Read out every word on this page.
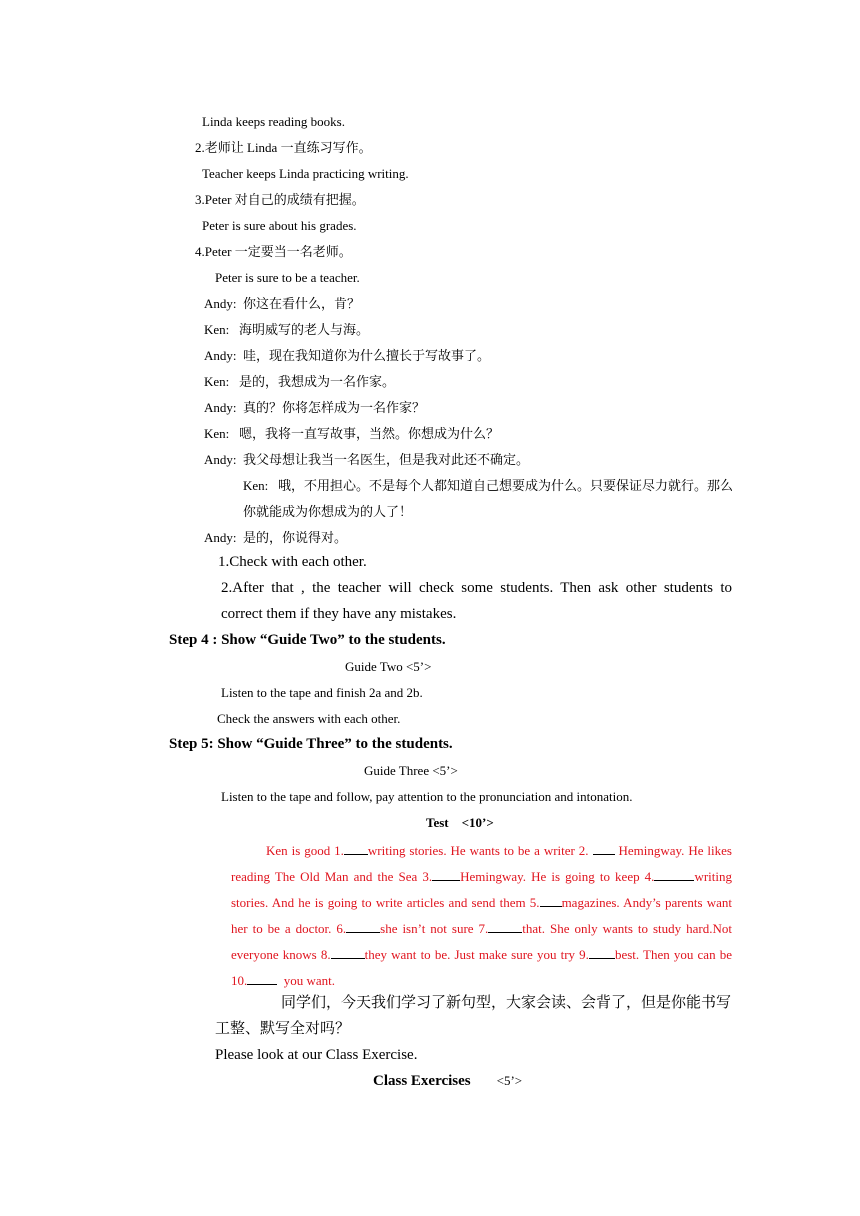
Linda keeps reading books.
2.老师让 Linda 一直练习写作。
Teacher keeps Linda practicing writing.
3.Peter 对自己的成绩有把握。
Peter is sure about his grades.
4.Peter 一定要当一名老师。
Peter is sure to be a teacher.
Andy: 你这在看什么，肯？
Ken: 海明威写的老人与海。
Andy: 哇，现在我知道你为什么擅长于写故事了。
Ken: 是的，我想成为一名作家。
Andy: 真的？你将怎样成为一名作家？
Ken: 嗯，我将一直写故事，当然。你想成为什么？
Andy: 我父母想让我当一名医生，但是我对此还不确定。
Ken: 哦，不用担心。不是每个人都知道自己想要成为什么。只要保证尽力就行。那么
你就能成为你想成为的人了！
Andy: 是的，你说得对。
1.Check with each other.
2.After that , the teacher will check some students. Then ask other students to
correct them if they have any mistakes.
Step 4 : Show “Guide Two” to the students.
Guide Two <5’>
Listen to the tape and finish 2a and 2b.
Check the answers with each other.
Step 5: Show “Guide Three” to the students.
Guide Three <5’>
Listen to the tape and follow, pay attention to the pronunciation and intonation.
Test <10’>
Ken is good 1. writing stories. He wants to be a writer 2. Hemingway. He likes
reading The Old Man and the Sea 3. Hemingway. He is going to keep 4.	writing
stories. And he is going to write articles and send them 5. magazines. Andy’s parents want
her to be a doctor. 6.	she isn’t not sure 7.	that. She only wants to study hard.Not
everyone knows 8.	they want to be. Just make sure you try 9. best. Then you can be
10.	you want.
同学们，今天我们学习了新句型，大家会读、会背了，但是你能书写
工整、默写全对吗？
Please look at our Class Exercise.
Class Exercises <5’>
